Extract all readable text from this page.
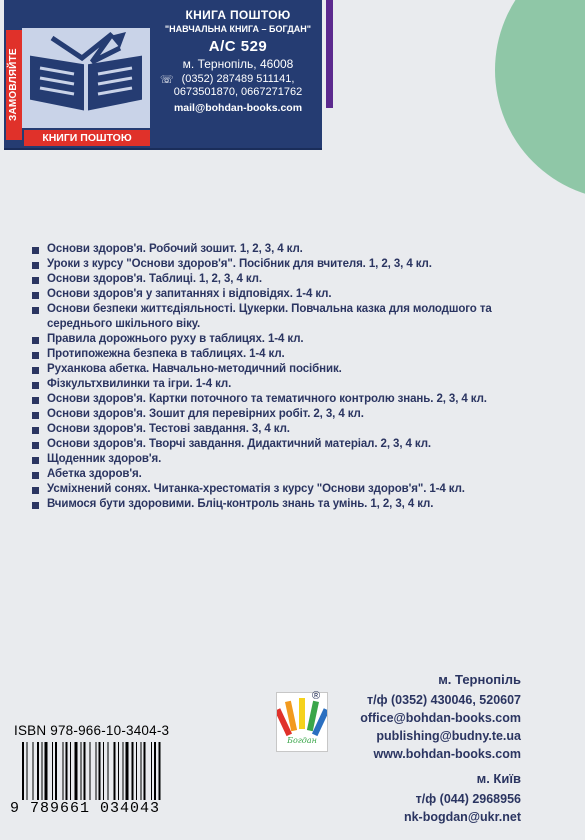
КНИГИ ПОШТОЮ
ЗАМОВЛЯЙТЕ
КНИГА ПОШТОЮ
"НАВЧАЛЬНА КНИГА – БОГДАН"
А/С 529
м. Тернопіль, 46008
☏ (0352) 287489 511141,
0673501870, 0667271762
mail@bohdan-books.com
Основи здоров'я. Робочий зошит. 1, 2, 3, 4 кл.
Уроки з курсу "Основи здоров'я". Посібник для вчителя. 1, 2, 3, 4 кл.
Основи здоров'я. Таблиці. 1, 2, 3, 4 кл.
Основи здоров'я у запитаннях і відповідях. 1-4 кл.
Основи безпеки життєдіяльності. Цукерки. Повчальна казка для молодшого та середнього шкільного віку.
Правила дорожнього руху в таблицях. 1-4 кл.
Протипожежна безпека в таблицях. 1-4 кл.
Руханкова абетка. Навчально-методичний посібник.
Фізкультхвилинки та ігри. 1-4 кл.
Основи здоров'я. Картки поточного та тематичного контролю знань. 2, 3, 4 кл.
Основи здоров'я. Зошит для перевірних робіт. 2, 3, 4 кл.
Основи здоров'я. Тестові завдання. 3, 4 кл.
Основи здоров'я. Творчі завдання. Дидактичний матеріал. 2, 3, 4 кл.
Щоденник здоров'я.
Абетка здоров'я.
Усміхнений сонях. Читанка-хрестоматія з курсу "Основи здоров'я". 1-4 кл.
Вчимося бути здоровими. Бліц-контроль знань та умінь. 1, 2, 3, 4 кл.
Богдан
®
м. Тернопіль
т/ф (0352) 430046, 520607
office@bohdan-books.com
publishing@budny.te.ua
www.bohdan-books.com
м. Київ
т/ф (044) 2968956
nk-bogdan@ukr.net
ISBN 978-966-10-3404-3
9 789661 034043
